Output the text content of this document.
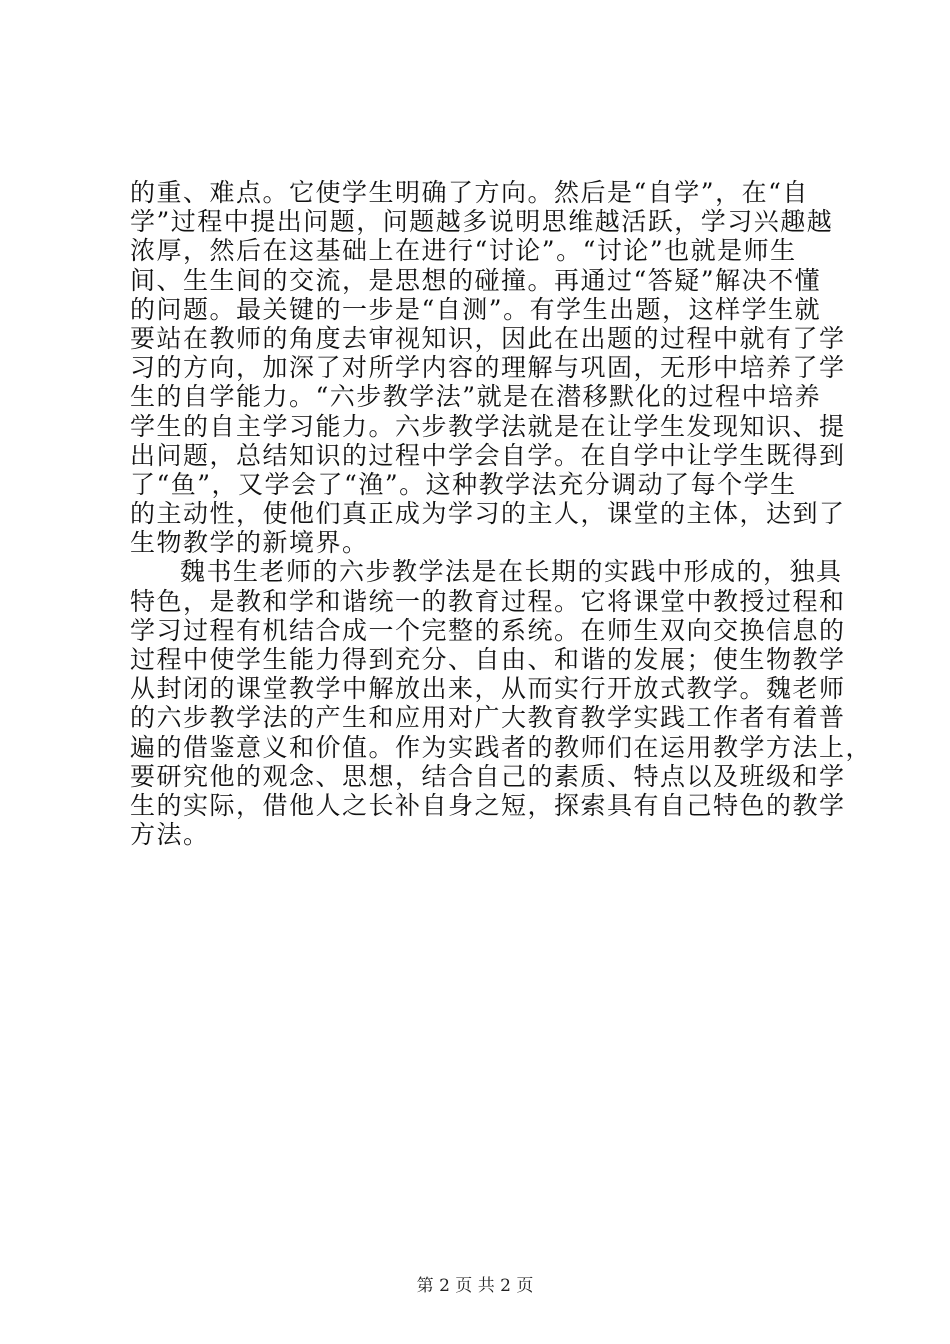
的重、难点。它使学生明确了方向。然后是“自学”，在“自
学”过程中提出问题，问题越多说明思维越活跃，学习兴趣越
浓厚，然后在这基础上在进行“讨论”。“讨论”也就是师生
间、生生间的交流，是思想的碰撞。再通过“答疑”解决不懂
的问题。最关键的一步是“自测”。有学生出题，这样学生就
要站在教师的角度去审视知识，因此在出题的过程中就有了学
习的方向，加深了对所学内容的理解与巩固，无形中培养了学
生的自学能力。“六步教学法”就是在潜移默化的过程中培养
学生的自主学习能力。六步教学法就是在让学生发现知识、提
出问题，总结知识的过程中学会自学。在自学中让学生既得到
了“鱼”，又学会了“渔”。这种教学法充分调动了每个学生
的主动性，使他们真正成为学习的主人，课堂的主体，达到了
生物教学的新境界。
魏书生老师的六步教学法是在长期的实践中形成的，独具
特色，是教和学和谐统一的教育过程。它将课堂中教授过程和
学习过程有机结合成一个完整的系统。在师生双向交换信息的
过程中使学生能力得到充分、自由、和谐的发展；使生物教学
从封闭的课堂教学中解放出来，从而实行开放式教学。魏老师
的六步教学法的产生和应用对广大教育教学实践工作者有着普
遍的借鉴意义和价值。作为实践者的教师们在运用教学方法上，
要研究他的观念、思想，结合自己的素质、特点以及班级和学
生的实际，借他人之长补自身之短，探索具有自己特色的教学
方法。
第 2 页 共 2 页
